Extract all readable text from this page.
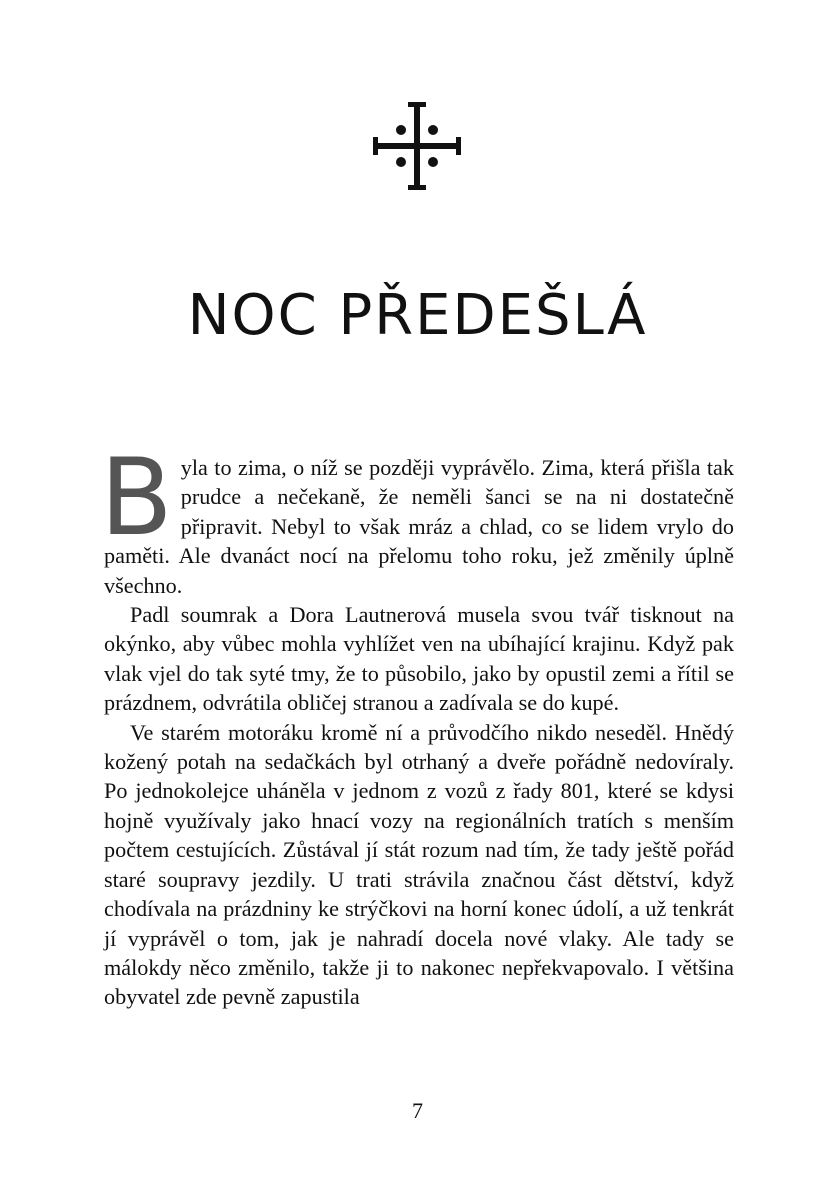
NOC PŘEDEŠLÁ

Byla to zima, o níž se později vyprávělo. Zima, která přišla tak prudce a nečekaně, že neměli šanci se na ni dostatečně připravit. Nebyl to však mráz a chlad, co se lidem vrylo do paměti. Ale dvanáct nocí na přelomu toho roku, jež změnily úplně všechno.

Padl soumrak a Dora Lautnerová musela svou tvář tisknout na okýnko, aby vůbec mohla vyhlížet ven na ubíhající krajinu. Když pak vlak vjel do tak syté tmy, že to působilo, jako by opustil zemi a řítil se prázdnem, odvrátila obličej stranou a zadívala se do kupé.

Ve starém motoráku kromě ní a průvodčího nikdo neseděl. Hnědý kožený potah na sedačkách byl otrhaný a dveře pořádně nedovíraly. Po jednokolejce uháněla v jednom z vozů z řady 801, které se kdysi hojně využívaly jako hnací vozy na regionálních tratích s menším počtem cestujících. Zůstával jí stát rozum nad tím, že tady ještě pořád staré soupravy jezdily. U trati strávila značnou část dětství, když chodívala na prázdniny ke strýčkovi na horní konec údolí, a už tenkrát jí vyprávěl o tom, jak je nahradí docela nové vlaky. Ale tady se málokdy něco změnilo, takže ji to nakonec nepřekvapovalo. I většina obyvatel zde pevně zapustila

7
